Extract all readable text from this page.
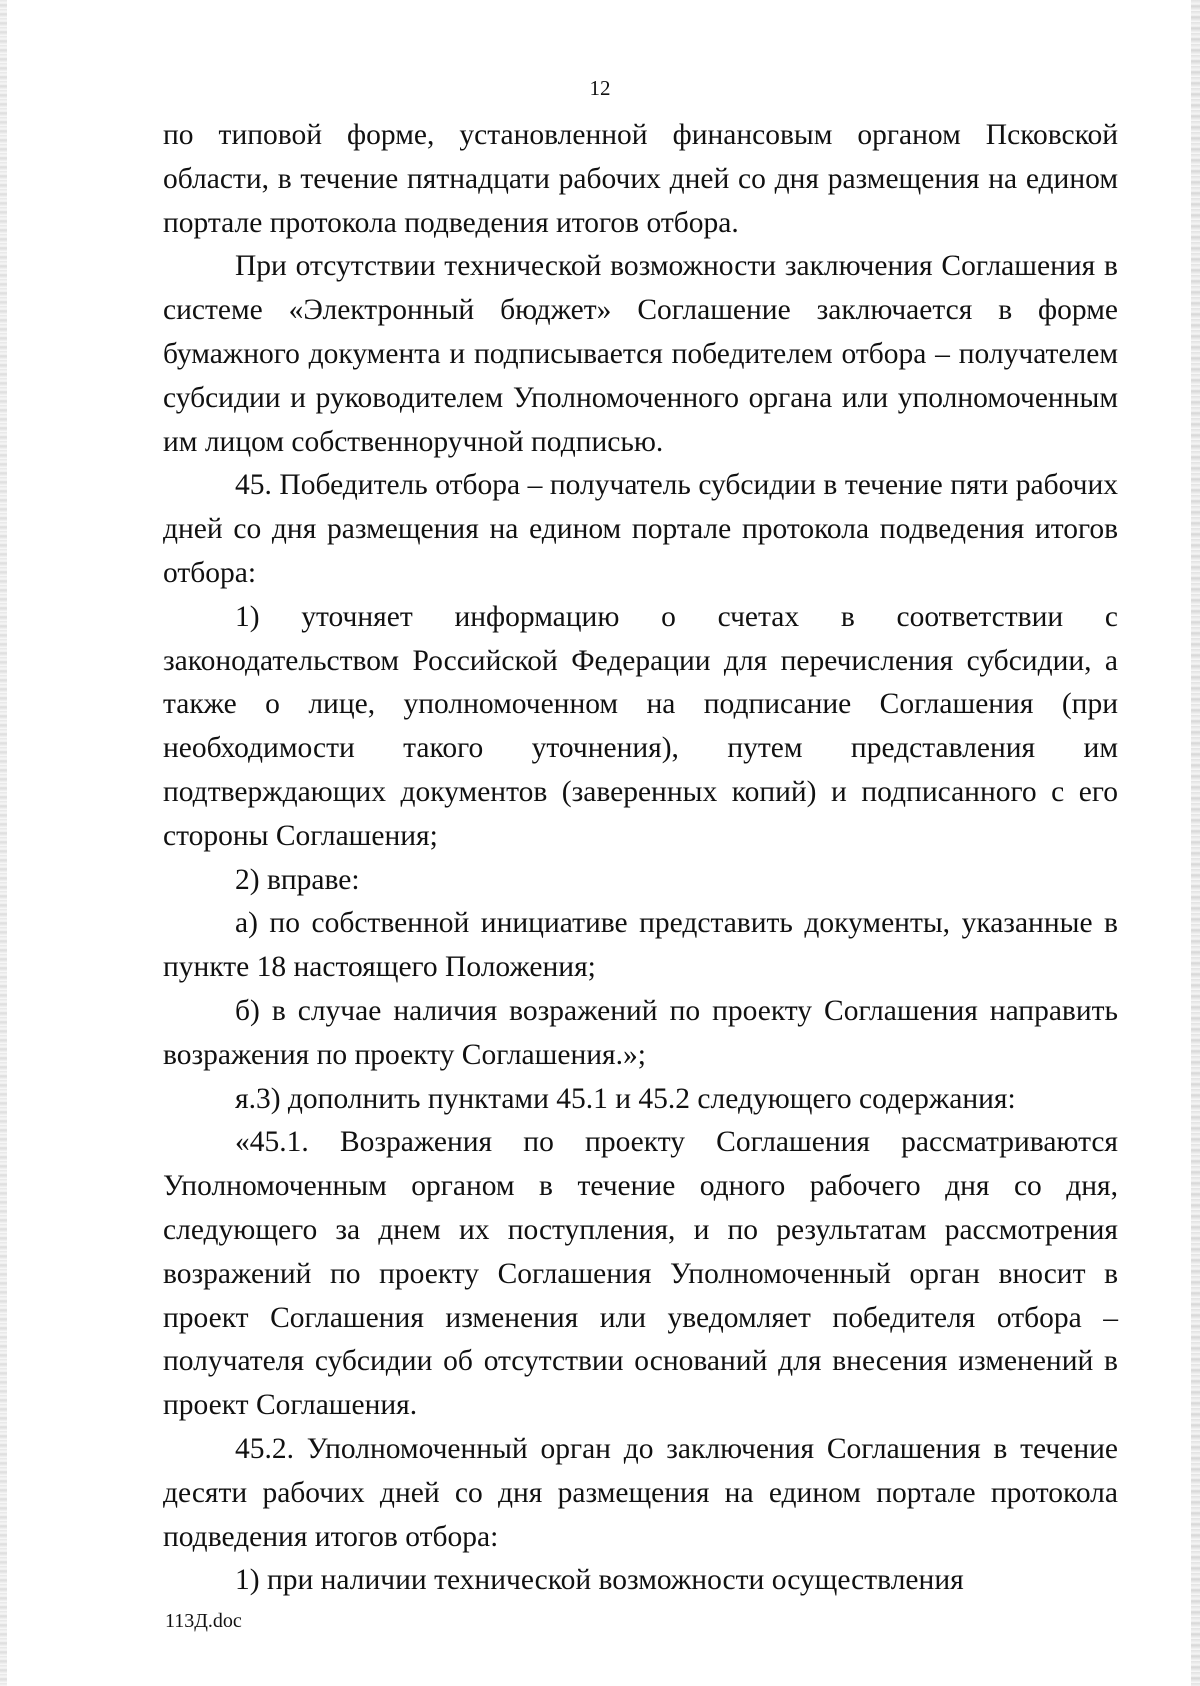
12

по типовой форме, установленной финансовым органом Псковской области, в течение пятнадцати рабочих дней со дня размещения на едином портале протокола подведения итогов отбора.

При отсутствии технической возможности заключения Соглашения в системе «Электронный бюджет» Соглашение заключается в форме бумажного документа и подписывается победителем отбора – получателем субсидии и руководителем Уполномоченного органа или уполномоченным им лицом собственноручной подписью.

45. Победитель отбора – получатель субсидии в течение пяти рабочих дней со дня размещения на едином портале протокола подведения итогов отбора:

1) уточняет информацию о счетах в соответствии с законодательством Российской Федерации для перечисления субсидии, а также о лице, уполномоченном на подписание Соглашения (при необходимости такого уточнения), путем представления им подтверждающих документов (заверенных копий) и подписанного с его стороны Соглашения;

2) вправе:

а) по собственной инициативе представить документы, указанные в пункте 18 настоящего Положения;

б) в случае наличия возражений по проекту Соглашения направить возражения по проекту Соглашения.»;

я.3) дополнить пунктами 45.1 и 45.2 следующего содержания:

«45.1. Возражения по проекту Соглашения рассматриваются Уполномоченным органом в течение одного рабочего дня со дня, следующего за днем их поступления, и по результатам рассмотрения возражений по проекту Соглашения Уполномоченный орган вносит в проект Соглашения изменения или уведомляет победителя отбора – получателя субсидии об отсутствии оснований для внесения изменений в проект Соглашения.

45.2. Уполномоченный орган до заключения Соглашения в течение десяти рабочих дней со дня размещения на едином портале протокола подведения итогов отбора:

1) при наличии технической возможности осуществления

113Д.doc
